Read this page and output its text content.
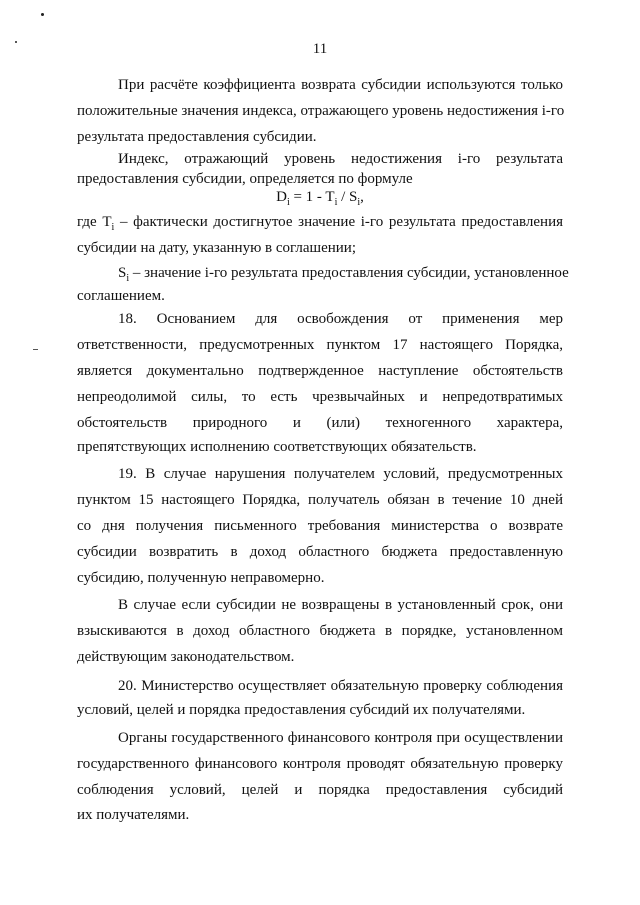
11
При расчёте коэффициента возврата субсидии используются только
положительные значения индекса, отражающего уровень недостижения i-го
результата предоставления субсидии.
Индекс, отражающий уровень недостижения i-го результата
предоставления субсидии, определяется по формуле
$D_i = 1 - T_i / S_i$,
где $T_i$ – фактически достигнутое значение i-го результата предоставления
субсидии на дату, указанную в соглашении;
$S_i$ – значение i-го результата предоставления субсидии, установленное
соглашением.
18. Основанием для освобождения от применения мер
ответственности, предусмотренных пунктом 17 настоящего Порядка,
является документально подтвержденное наступление обстоятельств
непреодолимой силы, то есть чрезвычайных и непредотвратимых
обстоятельств природного и (или) техногенного характера,
препятствующих исполнению соответствующих обязательств.
19. В случае нарушения получателем условий, предусмотренных
пунктом 15 настоящего Порядка, получатель обязан в течение 10 дней
со дня получения письменного требования министерства о возврате
субсидии возвратить в доход областного бюджета предоставленную
субсидию, полученную неправомерно.
В случае если субсидии не возвращены в установленный срок, они
взыскиваются в доход областного бюджета в порядке, установленном
действующим законодательством.
20. Министерство осуществляет обязательную проверку соблюдения
условий, целей и порядка предоставления субсидий их получателями.
Органы государственного финансового контроля при осуществлении
государственного финансового контроля проводят обязательную проверку
соблюдения условий, целей и порядка предоставления субсидий
их получателями.
